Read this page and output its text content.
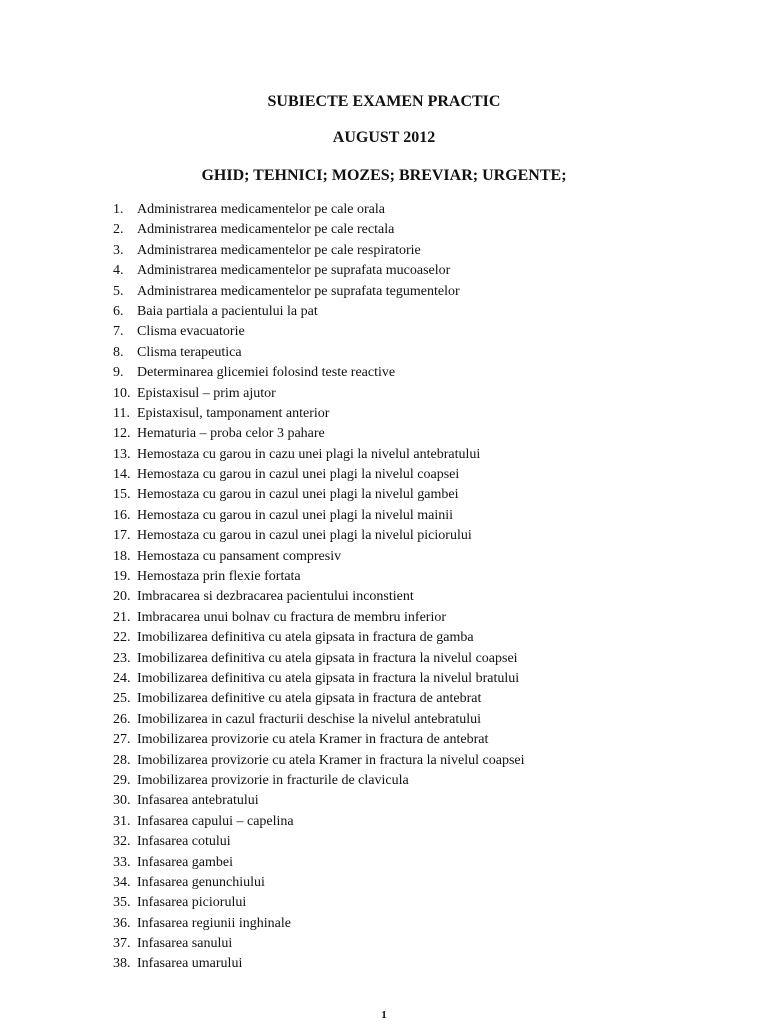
SUBIECTE EXAMEN PRACTIC
AUGUST 2012
GHID; TEHNICI; MOZES; BREVIAR; URGENTE;
1. Administrarea medicamentelor pe cale orala
2. Administrarea medicamentelor pe cale rectala
3. Administrarea medicamentelor pe cale respiratorie
4. Administrarea medicamentelor pe suprafata mucoaselor
5. Administrarea medicamentelor pe suprafata tegumentelor
6. Baia partiala a pacientului la pat
7. Clisma evacuatorie
8. Clisma terapeutica
9. Determinarea glicemiei folosind teste reactive
10. Epistaxisul – prim ajutor
11. Epistaxisul, tamponament anterior
12. Hematuria – proba celor 3 pahare
13. Hemostaza cu garou in cazu unei plagi la nivelul antebratului
14. Hemostaza cu garou in cazul unei plagi la nivelul coapsei
15. Hemostaza cu garou in cazul unei plagi la nivelul gambei
16. Hemostaza cu garou in cazul unei plagi la nivelul mainii
17. Hemostaza cu garou in cazul unei plagi la nivelul piciorului
18. Hemostaza cu pansament compresiv
19. Hemostaza prin flexie fortata
20. Imbracarea si dezbracarea pacientului inconstient
21. Imbracarea unui bolnav cu fractura de membru inferior
22. Imobilizarea definitiva cu atela gipsata in fractura de gamba
23. Imobilizarea definitiva cu atela gipsata in fractura la nivelul coapsei
24. Imobilizarea definitiva cu atela gipsata in fractura la nivelul bratului
25. Imobilizarea definitive cu atela gipsata in fractura de antebrat
26. Imobilizarea in cazul fracturii deschise la nivelul antebratului
27. Imobilizarea provizorie cu atela Kramer in fractura de antebrat
28. Imobilizarea provizorie cu atela Kramer in fractura la nivelul coapsei
29. Imobilizarea provizorie in fracturile de clavicula
30. Infasarea antebratului
31. Infasarea capului – capelina
32. Infasarea cotului
33. Infasarea gambei
34. Infasarea genunchiului
35. Infasarea piciorului
36. Infasarea regiunii inghinale
37. Infasarea sanului
38. Infasarea umarului
1
